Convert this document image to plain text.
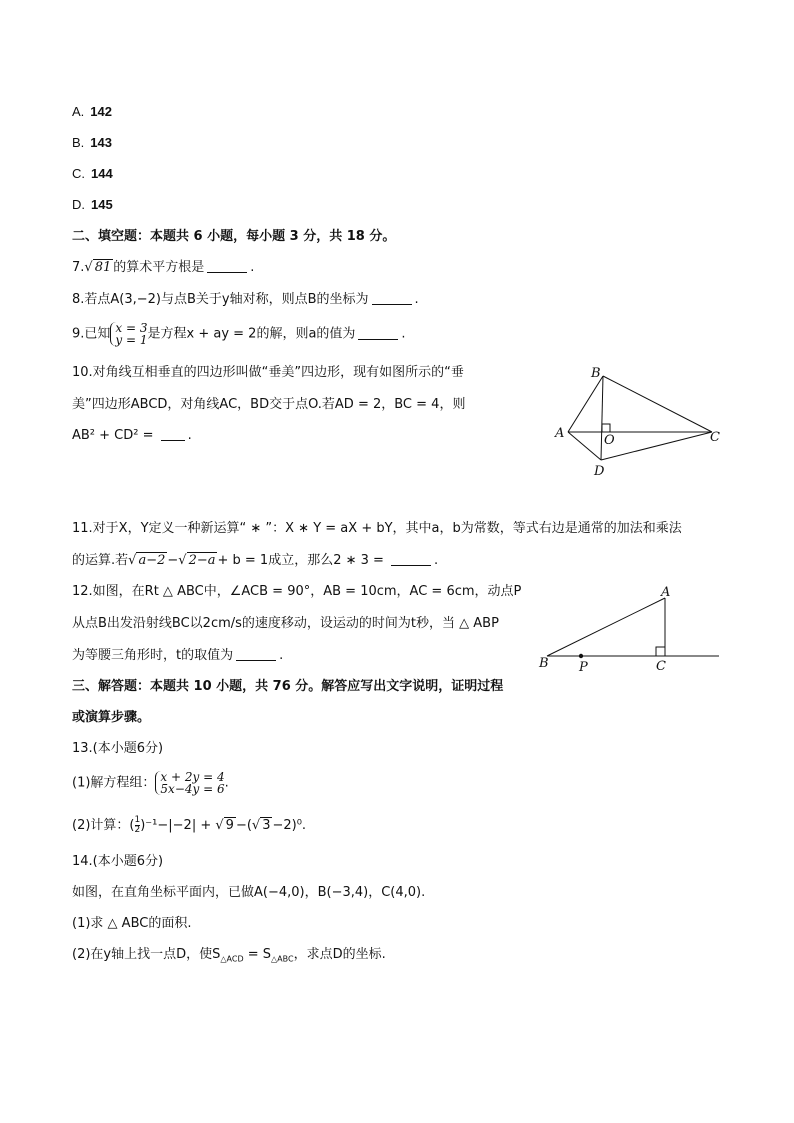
A. 142
B. 143
C. 144
D. 145
二、填空题：本题共 6 小题，每小题 3 分，共 18 分。
7.√ 81 的算术平方根是	.
8.若点A(3,−2)与点B关于y轴对称，则点B的坐标为	.
9.已知 x = 3
y = 1是方程x + ay = 2的解，则a的值为	.
10.对角线互相垂直的四边形叫做“垂美”四边形，现有如图所示的“垂
美”四边形ABCD，对角线AC，BD交于点O.若AD = 2，BC = 4，则
AB² + CD² = .	A
B
C
D
O
11.对于X，Y定义一种新运算“ ∗ ”：X ∗ Y = aX + bY，其中a，b为常数，等式右边是通常的加法和乘法
的运算.若√ a−2 −√ 2−a + b = 1成立，那么2 ∗ 3 =	.
12.如图，在Rt △ ABC中，∠ACB = 90°，AB = 10cm，AC = 6cm，动点P
从点B出发沿射线BC以2cm/s的速度移动，设运动的时间为t秒，当 △ ABP
为等腰三角形时，t的取值为	.
A
B	C
P
三、解答题：本题共 10 小题，共 76 分。解答应写出文字说明，证明过程
或演算步骤。
13.(本小题6分)
(1)解方程组： x + 2y = 4
5x−4y = 6.
(2)计算：( $\frac{1}{2})^{-1}-|-2|$ + √ 9 −(√ 3 −2)⁰.
14.(本小题6分)
如图，在直角坐标平面内，已做A(−4,0)，B(−3,4)，C(4,0).
(1)求 △ ABC的面积.
(2)在y轴上找一点D，使$S_{\triangle ACD} = S_{\triangle ABC}$，求点D的坐标.
